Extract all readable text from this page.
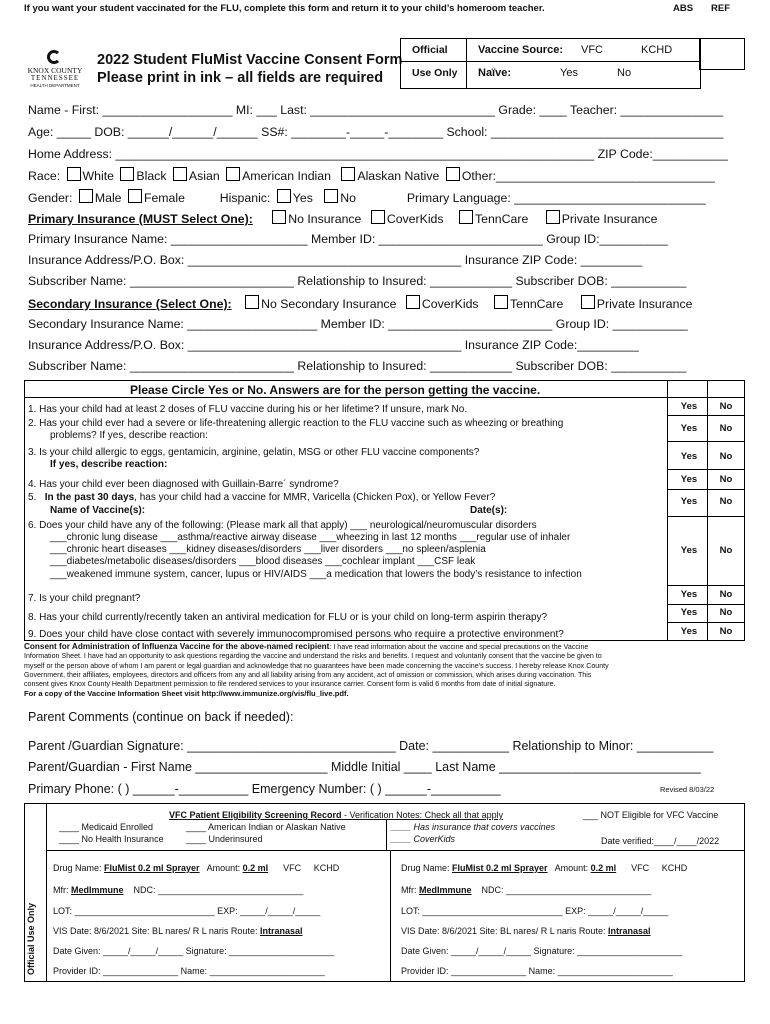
If you want your student vaccinated for the FLU, complete this form and return it to your child’s homeroom teacher.	ABS REF
KNOX COUNTY
TENNESSEE
HEALTH DEPARTMENT
2022 Student FluMist Vaccine Consent Form
Please print in ink – all fields are required
Official
Use Only
Vaccine Source: VFC	KCHD
Naïve:	Yes	No
Name - First: ___________________ MI: ___ Last: ___________________________ Grade: ____ Teacher: _______________
Age: _____ DOB: ______/______/______ SS#: ________-_____-________ School: __________________________________
Home Address: ______________________________________________________________________ ZIP Code:___________
Race: White Black Asian American Indian Alaskan Native Other:________________________________
Gender: Male Female	Hispanic: Yes No	Primary Language: ____________________________
Primary Insurance (MUST Select One):	No Insurance CoverKids	TennCare	Private Insurance
Primary Insurance Name: ____________________ Member ID: ________________________ Group ID:__________
Insurance Address/P.O. Box: ________________________________________ Insurance ZIP Code: _________
Subscriber Name: ________________________ Relationship to Insured: ____________ Subscriber DOB: ___________
Secondary Insurance (Select One): No Secondary Insurance CoverKids	TennCare	Private Insurance
Secondary Insurance Name: ___________________ Member ID: ________________________ Group ID: ___________
Insurance Address/P.O. Box: ________________________________________ Insurance ZIP Code:_________
Subscriber Name: ________________________ Relationship to Insured: ____________ Subscriber DOB: ___________
Please Circle Yes or No. Answers are for the person getting the vaccine.
1. Has your child had at least 2 doses of FLU vaccine during his or her lifetime? If unsure, mark No.	Yes	No
2. Has your child ever had a severe or life-threatening allergic reaction to the FLU vaccine such as wheezing or breathing
problems? If yes, describe reaction:
Yes	No
3. Is your child allergic to eggs, gentamicin, arginine, gelatin, MSG or other FLU vaccine components?
If yes, describe reaction:
Yes	No
4. Has your child ever been diagnosed with Guillain-Barre´ syndrome?	Yes	No
5. In the past 30 days, has your child had a vaccine for MMR, Varicella (Chicken Pox), or Yellow Fever?
Name of Vaccine(s):	Date(s):
Yes	No
6. Does your child have any of the following: (Please mark all that apply) ___ neurological/neuromuscular disorders
___chronic lung disease ___asthma/reactive airway disease ___wheezing in last 12 months ___regular use of inhaler
___chronic heart diseases ___kidney diseases/disorders ___liver disorders ___no spleen/asplenia
___diabetes/metabolic diseases/disorders ___blood diseases ___cochlear implant ___CSF leak
___weakened immune system, cancer, lupus or HIV/AIDS ___a medication that lowers the body’s resistance to infection
Yes	No
7. Is your child pregnant?	Yes	No
8. Has your child currently/recently taken an antiviral medication for FLU or is your child on long-term aspirin therapy?	Yes	No
9. Does your child have close contact with severely immunocompromised persons who require a protective environment?	Yes	No
Consent for Administration of Influenza Vaccine for the above-named recipient: I have read information about the vaccine and special precautions on the Vaccine
Information Sheet. I have had an opportunity to ask questions regarding the vaccine and understand the risks and benefits. I request and voluntarily consent that the vaccine be given to
myself or the person above of whom I am parent or legal guardian and acknowledge that no guarantees have been made concerning the vaccine’s success. I hereby release Knox County
Government, their affiliates, employees, directors and officers from any and all liability arising from any accident, act of omission or commission, which arises during vaccination. This
consent gives Knox County Health Department permission to file rendered services to your insurance carrier. Consent form is valid 6 months from date of initial signature.
For a copy of the Vaccine Information Sheet visit http://www.immunize.org/vis/flu_live.pdf.
Parent Comments (continue on back if needed):
Parent /Guardian Signature: ______________________________ Date: ___________ Relationship to Minor: ___________
Parent/Guardian - First Name ___________________ Middle Initial ____ Last Name _____________________________
Primary Phone: ( ) ______-__________ Emergency Number: ( ) ______-__________	Revised 8/03/22
Official Use Only
VFC Patient Eligibility Screening Record - Verification Notes: Check all that apply	___ NOT Eligible for VFC Vaccine
____ Medicaid Enrolled	____ American Indian or Alaskan Native	____ Has insurance that covers vaccines
____ No Health Insurance ____ Underinsured	____ CoverKids	Date verified:____/____/2022
Drug Name: FluMist 0.2 ml Sprayer Amount: 0.2 ml VFC KCHD
Mfr: MedImmune NDC: _____________________________
LOT: ____________________________ EXP: _____/_____/_____
VIS Date: 8/6/2021 Site: BL nares/ R L naris Route: Intranasal
Date Given: _____/_____/_____ Signature: _____________________
Provider ID: _______________ Name: _______________________
Drug Name: FluMist 0.2 ml Sprayer Amount: 0.2 ml VFC KCHD
Mfr: MedImmune NDC: _____________________________
LOT: ____________________________ EXP: _____/_____/_____
VIS Date: 8/6/2021 Site: BL nares/ R L naris Route: Intranasal
Date Given: _____/_____/_____ Signature: _____________________
Provider ID: _______________ Name: _______________________
